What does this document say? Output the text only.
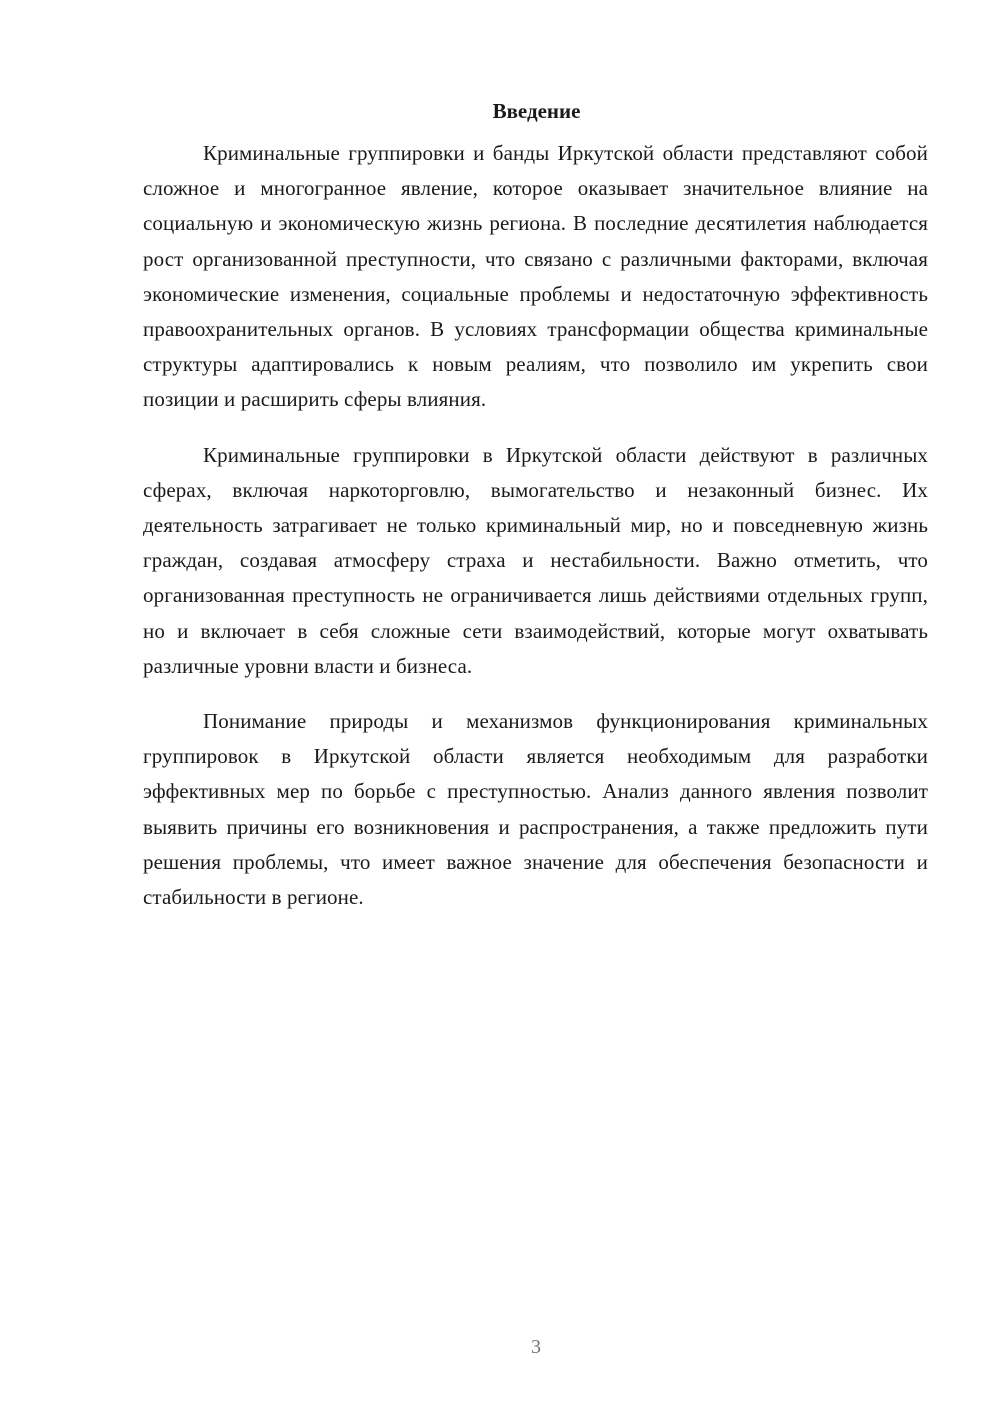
Введение

Криминальные группировки и банды Иркутской области представляют собой сложное и многогранное явление, которое оказывает значительное влияние на социальную и экономическую жизнь региона. В последние десятилетия наблюдается рост организованной преступности, что связано с различными факторами, включая экономические изменения, социальные проблемы и недостаточную эффективность правоохранительных органов. В условиях трансформации общества криминальные структуры адаптировались к новым реалиям, что позволило им укрепить свои позиции и расширить сферы влияния.

Криминальные группировки в Иркутской области действуют в различных сферах, включая наркоторговлю, вымогательство и незаконный бизнес. Их деятельность затрагивает не только криминальный мир, но и повседневную жизнь граждан, создавая атмосферу страха и нестабильности. Важно отметить, что организованная преступность не ограничивается лишь действиями отдельных групп, но и включает в себя сложные сети взаимодействий, которые могут охватывать различные уровни власти и бизнеса.

Понимание природы и механизмов функционирования криминальных группировок в Иркутской области является необходимым для разработки эффективных мер по борьбе с преступностью. Анализ данного явления позволит выявить причины его возникновения и распространения, а также предложить пути решения проблемы, что имеет важное значение для обеспечения безопасности и стабильности в регионе.

3
